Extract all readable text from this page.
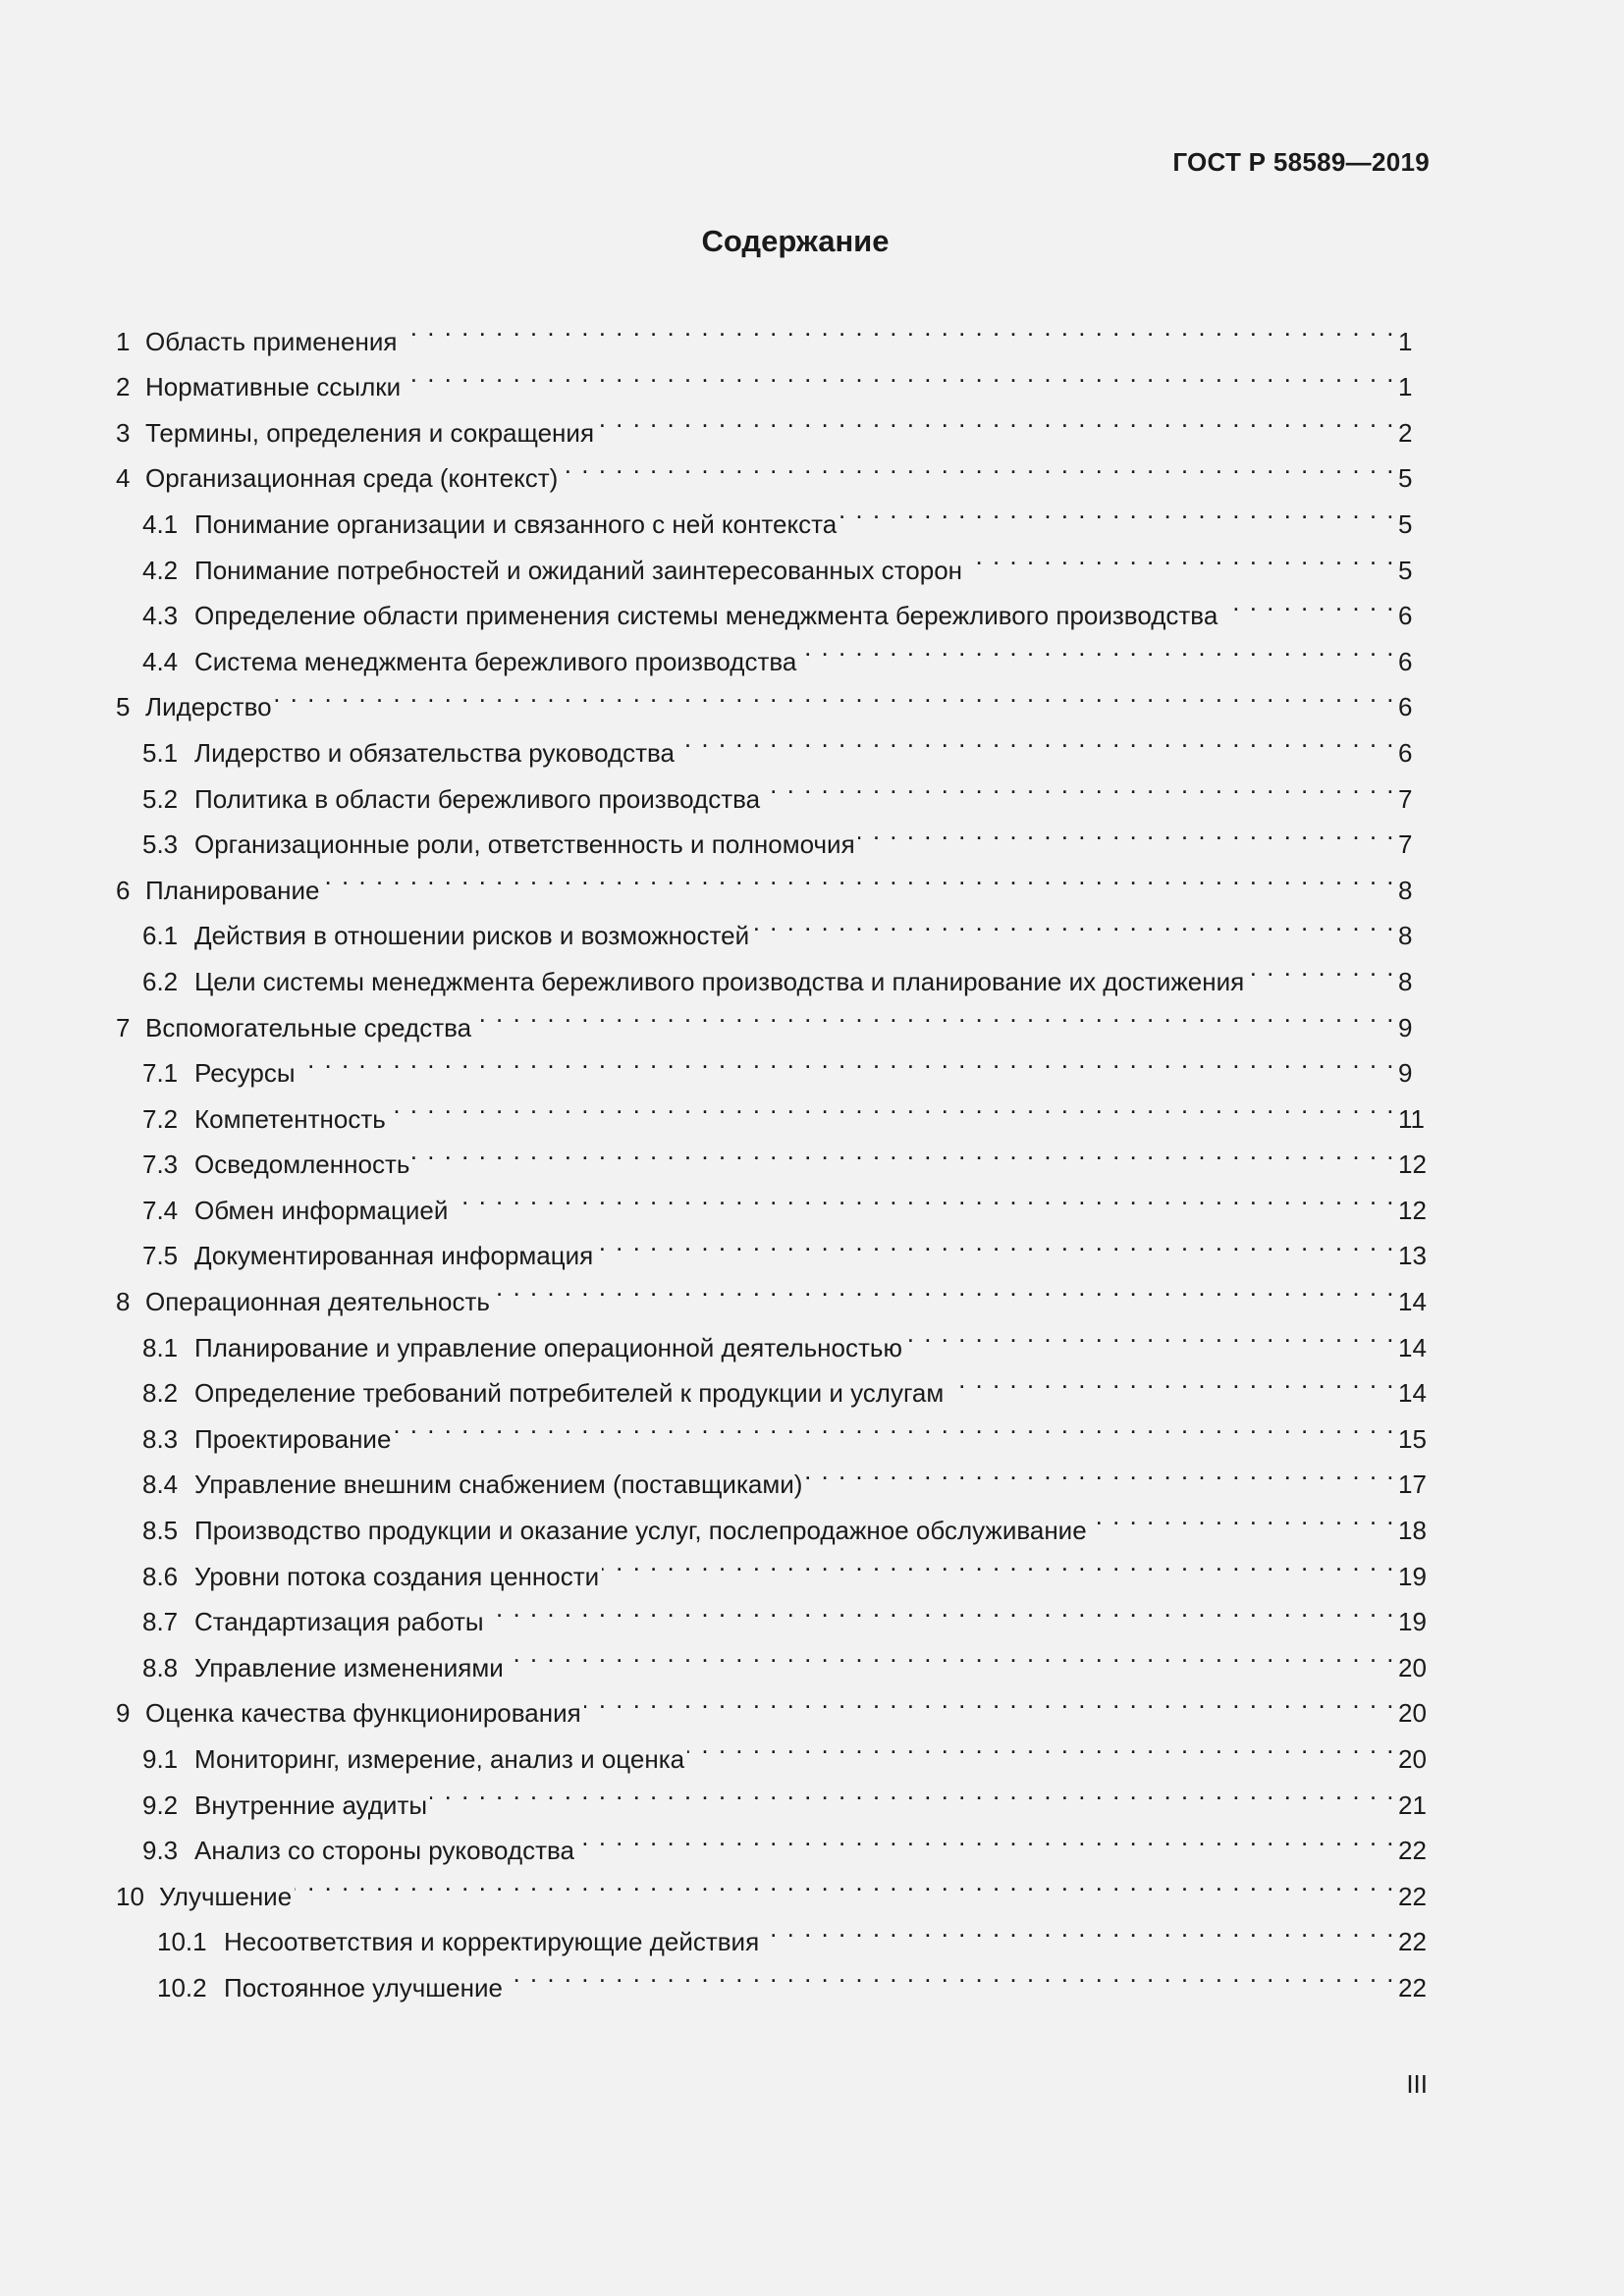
ГОСТ Р 58589—2019
Содержание
1 Область применения . . .	1
2 Нормативные ссылки . . .	1
3 Термины, определения и сокращения . . .	2
4 Организационная среда (контекст) . . .	5
4.1 Понимание организации и связанного с ней контекста . . .	5
4.2 Понимание потребностей и ожиданий заинтересованных сторон . . .	5
4.3 Определение области применения системы менеджмента бережливого производства . . .	6
4.4 Система менеджмента бережливого производства . . .	6
5 Лидерство . . .	6
5.1 Лидерство и обязательства руководства . . .	6
5.2 Политика в области бережливого производства . . .	7
5.3 Организационные роли, ответственность и полномочия . . .	7
6 Планирование . . .	8
6.1 Действия в отношении рисков и возможностей . . .	8
6.2 Цели системы менеджмента бережливого производства и планирование их достижения . . .	8
7 Вспомогательные средства . . .	9
7.1 Ресурсы . . .	9
7.2 Компетентность . . .	11
7.3 Осведомленность . . .	12
7.4 Обмен информацией . . .	12
7.5 Документированная информация . . .	13
8 Операционная деятельность . . .	14
8.1 Планирование и управление операционной деятельностью . . .	14
8.2 Определение требований потребителей к продукции и услугам . . .	14
8.3 Проектирование . . .	15
8.4 Управление внешним снабжением (поставщиками) . . .	17
8.5 Производство продукции и оказание услуг, послепродажное обслуживание . . .	18
8.6 Уровни потока создания ценности . . .	19
8.7 Стандартизация работы . . .	19
8.8 Управление изменениями . . .	20
9 Оценка качества функционирования . . .	20
9.1 Мониторинг, измерение, анализ и оценка . . .	20
9.2 Внутренние аудиты . . .	21
9.3 Анализ со стороны руководства . . .	22
10 Улучшение . . .	22
10.1 Несоответствия и корректирующие действия . . .	22
10.2 Постоянное улучшение . . .	22
III
